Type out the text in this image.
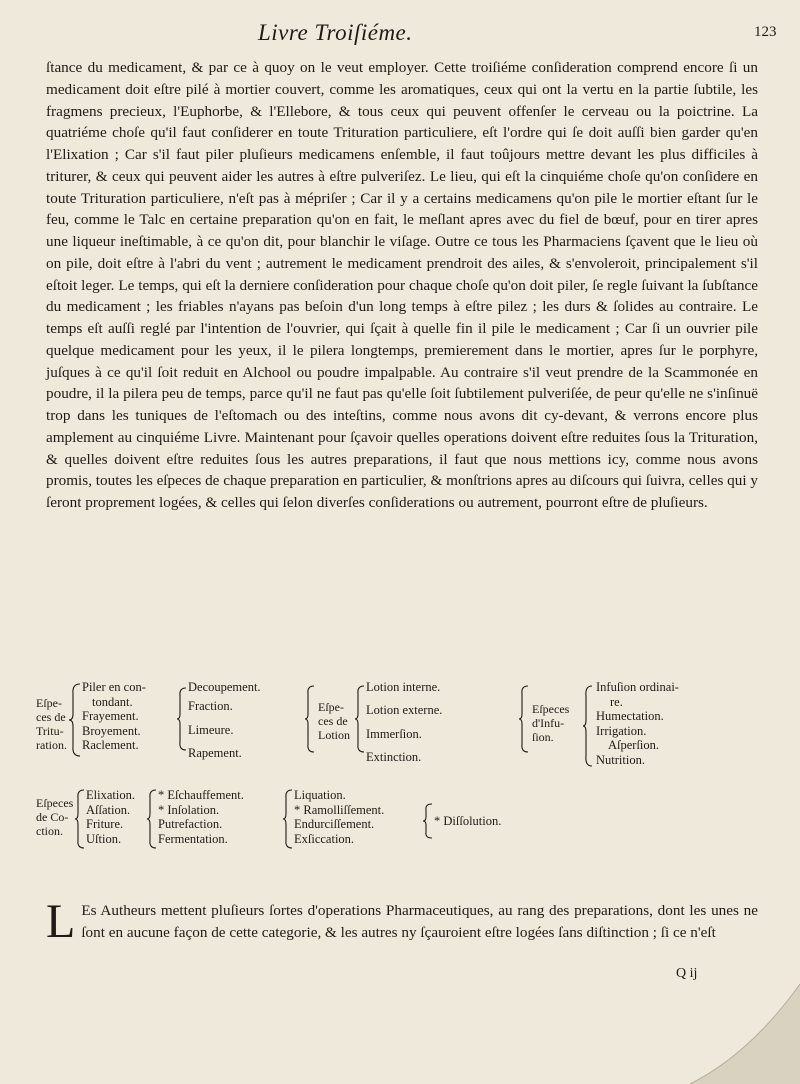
Livre Troiſiéme.	123

ſtance du medicament, & par ce à quoy on le veut employer. Cette troiſiéme conſideration comprend encore ſi un medicament doit eſtre pilé à mortier couvert, comme les aromatiques, ceux qui ont la vertu en la partie ſubtile, les fragmens precieux, l'Euphorbe, & l'Ellebore, & tous ceux qui peuvent offenſer le cerveau ou la poictrine. La quatriéme choſe qu'il faut conſiderer en toute Trituration particuliere, eſt l'ordre qui ſe doit auſſi bien garder qu'en l'Elixation ; Car s'il faut piler pluſieurs medicamens enſemble, il faut toûjours mettre devant les plus difficiles à triturer, & ceux qui peuvent aider les autres à eſtre pulveriſez. Le lieu, qui eſt la cinquiéme choſe qu'on conſidere en toute Trituration particuliere, n'eſt pas à mépriſer ; Car il y a certains medicamens qu'on pile le mortier eſtant ſur le feu, comme le Talc en certaine preparation qu'on en fait, le meſlant apres avec du fiel de bœuf, pour en tirer apres une liqueur ineſtimable, à ce qu'on dit, pour blanchir le viſage. Outre ce tous les Pharmaciens ſçavent que le lieu où on pile, doit eſtre à l'abri du vent ; autrement le medicament prendroit des ailes, & s'envoleroit, principalement s'il eſtoit leger. Le temps, qui eſt la derniere conſideration pour chaque choſe qu'on doit piler, ſe regle ſuivant la ſubſtance du medicament ; les friables n'ayans pas beſoin d'un long temps à eſtre pilez ; les durs & ſolides au contraire. Le temps eſt auſſi reglé par l'intention de l'ouvrier, qui ſçait à quelle fin il pile le medicament ; Car ſi un ouvrier pile quelque medicament pour les yeux, il le pilera longtemps, premierement dans le mortier, apres ſur le porphyre, juſques à ce qu'il ſoit reduit en Alchool ou poudre impalpable. Au contraire s'il veut prendre de la Scammonée en poudre, il la pilera peu de temps, parce qu'il ne faut pas qu'elle ſoit ſubtilement pulveriſée, de peur qu'elle ne s'inſinuë trop dans les tuniques de l'eſtomach ou des inteſtins, comme nous avons dit cy-devant, & verrons encore plus amplement au cinquiéme Livre. Maintenant pour ſçavoir quelles operations doivent eſtre reduites ſous la Trituration, & quelles doivent eſtre reduites ſous les autres preparations, il faut que nous mettions icy, comme nous avons promis, toutes les eſpeces de chaque preparation en particulier, & monſtrions apres au diſcours qui ſuivra, celles qui y ſeront proprement logées, & celles qui ſelon diverſes conſiderations ou autrement, pourront eſtre de pluſieurs.

Eſpe-
ces de
Tritu-
ration.
Piler en con-
tondant.
Frayement.
Broyement.
Raclement.
Decoupement.
Fraction.
Limeure.
Rapement.
Eſpe-
ces de
Lotion
Lotion interne.
Lotion externe.
Immerſion.
Extinction.
Eſpeces
d'Infu-
ſion.
Infuſion ordinai-
re.
Humectation.
Irrigation.
Aſperſion.
Nutrition.
Eſpeces
de Co-
ction.
Elixation.
Aſſation.
Friture.
Uſtion.
* Eſchauffement.
* Inſolation.
Putrefaction.
Fermentation.
Liquation.
* Ramolliſſement.
Endurciſſement.
Exſiccation.
* Diſſolution.
L Es Autheurs mettent pluſieurs ſortes d'operations Pharmaceutiques, au rang des preparations, dont les unes ne ſont en aucune façon de cette categorie, & les autres ny ſçauroient eſtre logées ſans diſtinction ; ſi ce n'eſt
Q ij
